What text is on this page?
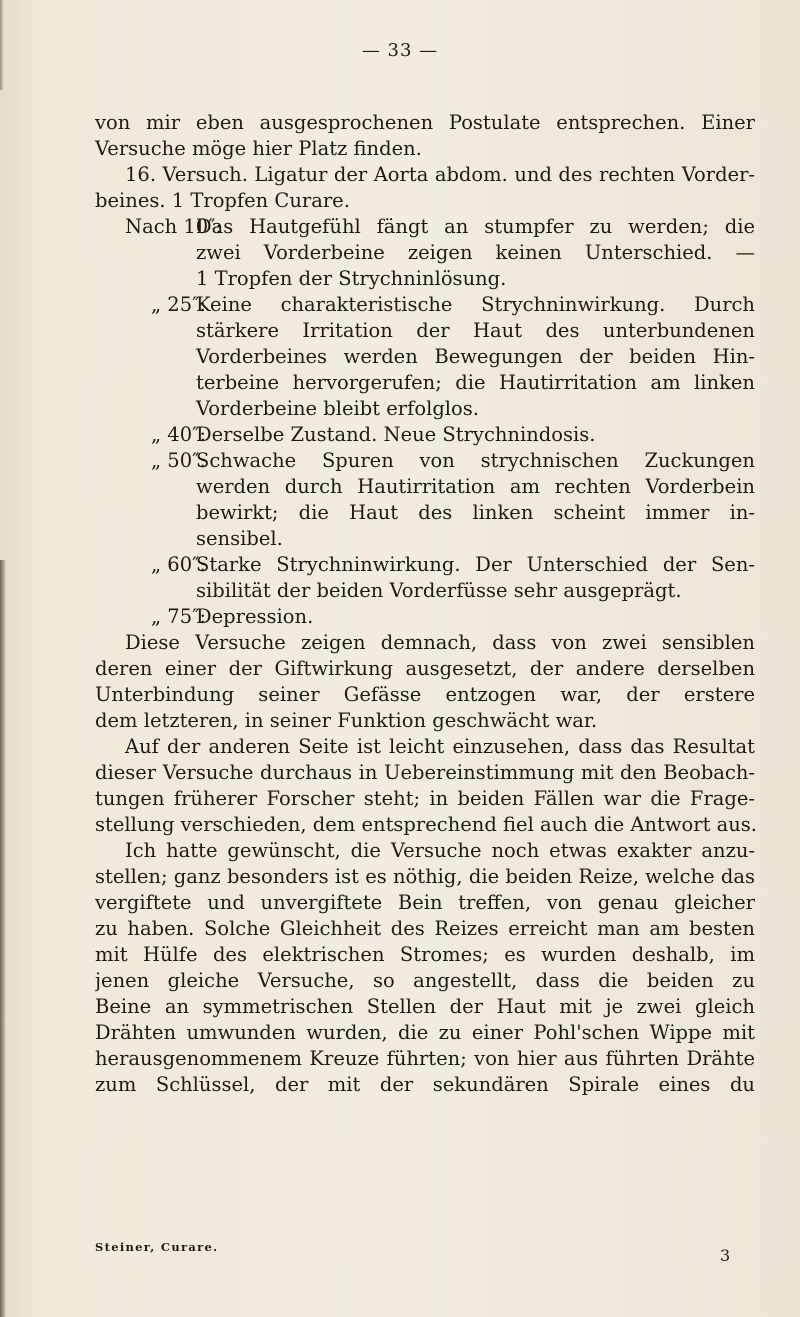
— 33 —
von mir eben ausgesprochenen Postulate entsprechen. Einer
Versuche möge hier Platz finden.
16. Versuch. Ligatur der Aorta abdom. und des rechten Vorder-
beines. 1 Tropfen Curare.
Nach 10″:
Das Hautgefühl fängt an stumpfer zu werden; die
zwei Vorderbeine zeigen keinen Unterschied. —
1 Tropfen der Strychninlösung.
„ 25″:
Keine charakteristische Strychninwirkung. Durch
stärkere Irritation der Haut des unterbundenen
Vorderbeines werden Bewegungen der beiden Hin-
terbeine hervorgerufen; die Hautirritation am linken
Vorderbeine bleibt erfolglos.
„ 40″:
Derselbe Zustand. Neue Strychnindosis.
„ 50″:
Schwache Spuren von strychnischen Zuckungen
werden durch Hautirritation am rechten Vorderbein
bewirkt; die Haut des linken scheint immer in-
sensibel.
„ 60″:
Starke Strychninwirkung. Der Unterschied der Sen-
sibilität der beiden Vorderfüsse sehr ausgeprägt.
„ 75″:
Depression.
Diese Versuche zeigen demnach, dass von zwei sensiblen
deren einer der Giftwirkung ausgesetzt, der andere derselben
Unterbindung seiner Gefässe entzogen war, der erstere
dem letzteren, in seiner Funktion geschwächt war.
Auf der anderen Seite ist leicht einzusehen, dass das Resultat
dieser Versuche durchaus in Uebereinstimmung mit den Beobach-
tungen früherer Forscher steht; in beiden Fällen war die Frage-
stellung verschieden, dem entsprechend fiel auch die Antwort aus.
Ich hatte gewünscht, die Versuche noch etwas exakter anzu-
stellen; ganz besonders ist es nöthig, die beiden Reize, welche das
vergiftete und unvergiftete Bein treffen, von genau gleicher
zu haben. Solche Gleichheit des Reizes erreicht man am besten
mit Hülfe des elektrischen Stromes; es wurden deshalb, im
jenen gleiche Versuche, so angestellt, dass die beiden zu
Beine an symmetrischen Stellen der Haut mit je zwei gleich
Drähten umwunden wurden, die zu einer Pohl'schen Wippe mit
herausgenommenem Kreuze führten; von hier aus führten Drähte
zum Schlüssel, der mit der sekundären Spirale eines du
Steiner, Curare.	3
